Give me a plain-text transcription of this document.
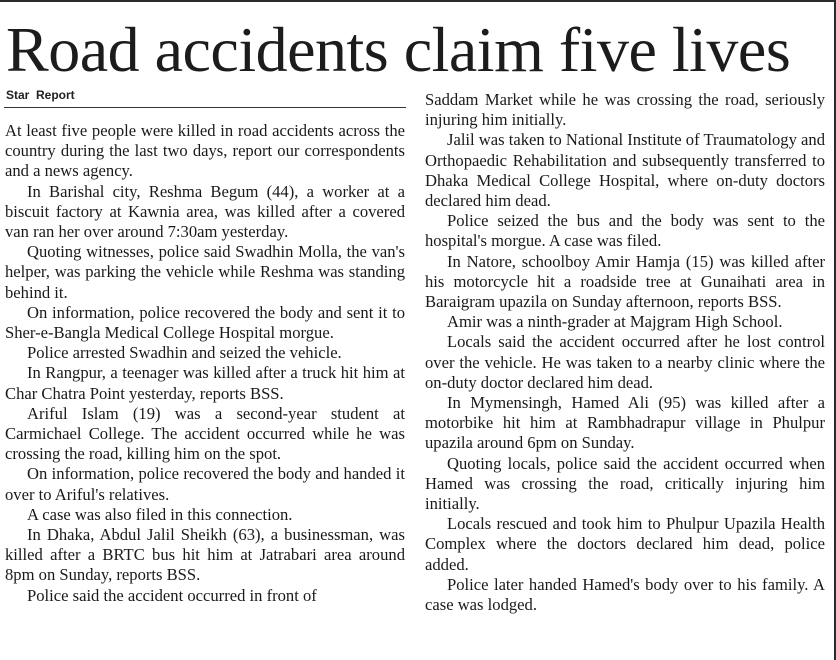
Road accidents claim five lives
Star  Report

At least five people were killed in road accidents across the country during the last two days, report our correspondents and a news agency.

In Barishal city, Reshma Begum (44), a worker at a biscuit factory at Kawnia area, was killed after a covered van ran her over around 7:30am yesterday.

Quoting witnesses, police said Swadhin Molla, the van's helper, was parking the vehicle while Reshma was standing behind it.

On information, police recovered the body and sent it to Sher-e-Bangla Medical College Hospital morgue.

Police arrested Swadhin and seized the vehicle.

In Rangpur, a teenager was killed after a truck hit him at Char Chatra Point yesterday, reports BSS.

Ariful Islam (19) was a second-year student at Carmichael College. The accident occurred while he was crossing the road, killing him on the spot.

On information, police recovered the body and handed it over to Ariful's relatives.

A case was also filed in this connection.

In Dhaka, Abdul Jalil Sheikh (63), a businessman, was killed after a BRTC bus hit him at Jatrabari area around 8pm on Sunday, reports BSS.

Police said the accident occurred in front of

Saddam Market while he was crossing the road, seriously injuring him initially.

Jalil was taken to National Institute of Traumatology and Orthopaedic Rehabilitation and subsequently transferred to Dhaka Medical College Hospital, where on-duty doctors declared him dead.

Police seized the bus and the body was sent to the hospital's morgue. A case was filed.

In Natore, schoolboy Amir Hamja (15) was killed after his motorcycle hit a roadside tree at Gunaihati area in Baraigram upazila on Sunday afternoon, reports BSS.

Amir was a ninth-grader at Majgram High School.

Locals said the accident occurred after he lost control over the vehicle. He was taken to a nearby clinic where the on-duty doctor declared him dead.

In Mymensingh, Hamed Ali (95) was killed after a motorbike hit him at Rambhadrapur village in Phulpur upazila around 6pm on Sunday.

Quoting locals, police said the accident occurred when Hamed was crossing the road, critically injuring him initially.

Locals rescued and took him to Phulpur Upazila Health Complex where the doctors declared him dead, police added.

Police later handed Hamed's body over to his family. A case was lodged.
